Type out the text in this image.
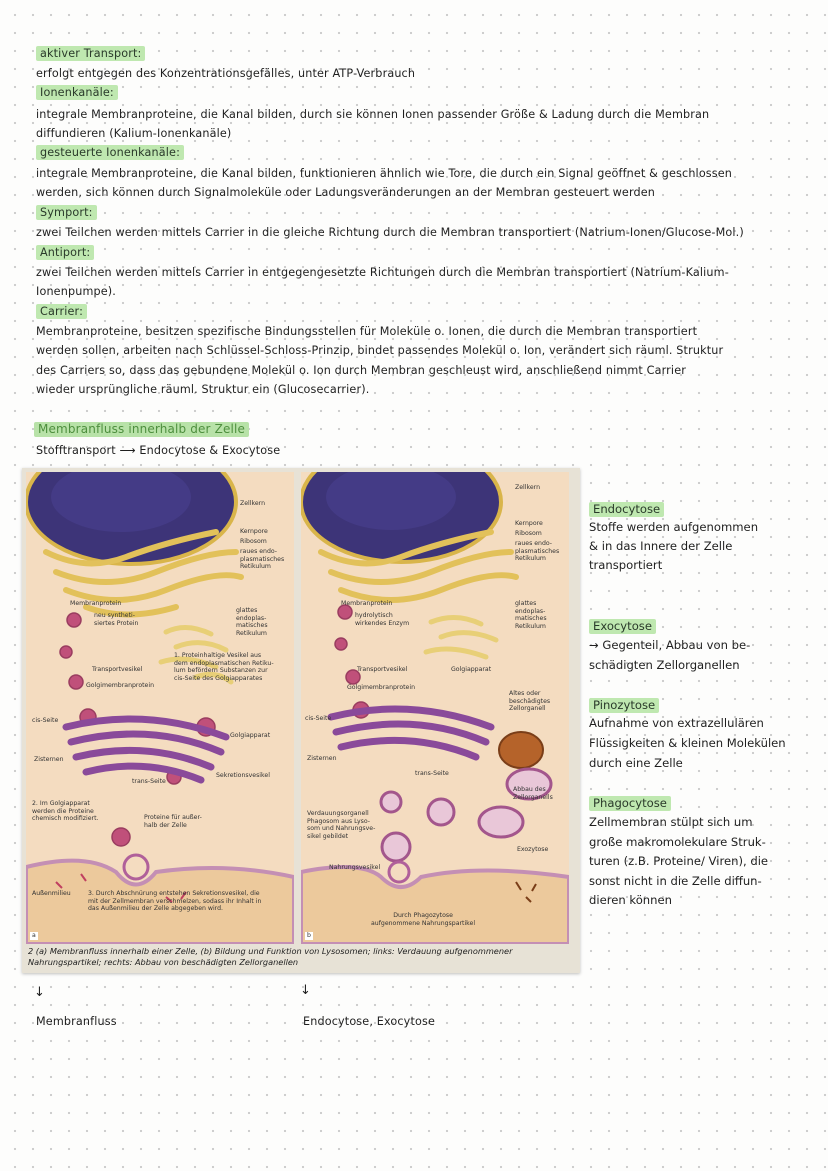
aktiver Transport:
erfolgt entgegen des Konzentrationsgefälles, unter ATP-Verbrauch
Ionenkanäle:
integrale Membranproteine, die Kanal bilden, durch sie können Ionen passender Größe & Ladung durch die Membran
diffundieren (Kalium-Ionenkanäle)
gesteuerte Ionenkanäle:
integrale Membranproteine, die Kanal bilden, funktionieren ähnlich wie Tore, die durch ein Signal geöffnet & geschlossen
werden, sich können durch Signalmoleküle oder Ladungsveränderungen an der Membran gesteuert werden
Symport:
zwei Teilchen werden mittels Carrier in die gleiche Richtung durch die Membran transportiert (Natrium-Ionen/Glucose-Mol.)
Antiport:
zwei Teilchen werden mittels Carrier in entgegengesetzte Richtungen durch die Membran transportiert (Natrium-Kalium-
Ionenpumpe).
Carrier:
Membranproteine, besitzen spezifische Bindungsstellen für Moleküle o. Ionen, die durch die Membran transportiert
werden sollen, arbeiten nach Schlüssel-Schloss-Prinzip, bindet passendes Molekül o. Ion, verändert sich räuml. Struktur
des Carriers so, dass das gebundene Molekül o. Ion durch Membran geschleust wird, anschließend nimmt Carrier
wieder ursprüngliche räuml. Struktur ein (Glucosecarrier).
Membranfluss innerhalb der Zelle
Stofftransport ⟶ Endocytose & Exocytose
Zellkern
Kernpore
Ribosom
raues endo-
plasmatisches
Retikulum
Membranprotein
neu syntheti-
siertes Protein
glattes
endoplas-
matisches
Retikulum
1. Proteinhaltige Vesikel aus
dem endoplasmatischen Retiku-
lum befördern Substanzen zur
cis-Seite des Golgiapparates
Transportvesikel
Golgimembranprotein
cis-Seite
Golgiapparat
Zisternen
trans-Seite
Sekretionsvesikel
2. Im Golgiapparat
werden die Proteine
chemisch modifiziert.	Proteine für außer-
halb der Zelle
Außenmilieu	3. Durch Abschnürung entstehen Sekretionsvesikel, die
mit der Zellmembran verschmelzen, sodass ihr Inhalt in
das Außenmilieu der Zelle abgegeben wird.
a
Zellkern
Kernpore
Ribosom
raues endo-
plasmatisches
Retikulum
Membranprotein
hydrolytisch
wirkendes Enzym
glattes
endoplas-
matisches
Retikulum
Transportvesikel	Golgiapparat
Golgimembranprotein
Altes oder
beschädigtes
Zellorganell
cis-Seite
Zisternen
trans-Seite
Abbau des
Zellorganells
Verdauungsorganell
Phagosom aus Lyso-
som und Nahrungsve-
sikel gebildet
Nahrungsvesikel
Exozytose
Durch Phagozytose
aufgenommene Nahrungspartikel
b
2 (a) Membranfluss innerhalb einer Zelle, (b) Bildung und Funktion von Lysosomen; links: Verdauung aufgenommener Nahrungspartikel; rechts: Abbau von beschädigten Zellorganellen
Endocytose
Stoffe werden aufgenommen
& in das Innere der Zelle
transportiert
Exocytose
→ Gegenteil, Abbau von be-
schädigten Zellorganellen
Pinozytose
Aufnahme von extrazellulären
Flüssigkeiten & kleinen Molekülen
durch eine Zelle
Phagocytose
Zellmembran stülpt sich um
große makromolekulare Struk-
turen (z.B. Proteine/ Viren), die
sonst nicht in die Zelle diffun-
dieren können
↓	↓
Membranfluss	Endocytose, Exocytose
